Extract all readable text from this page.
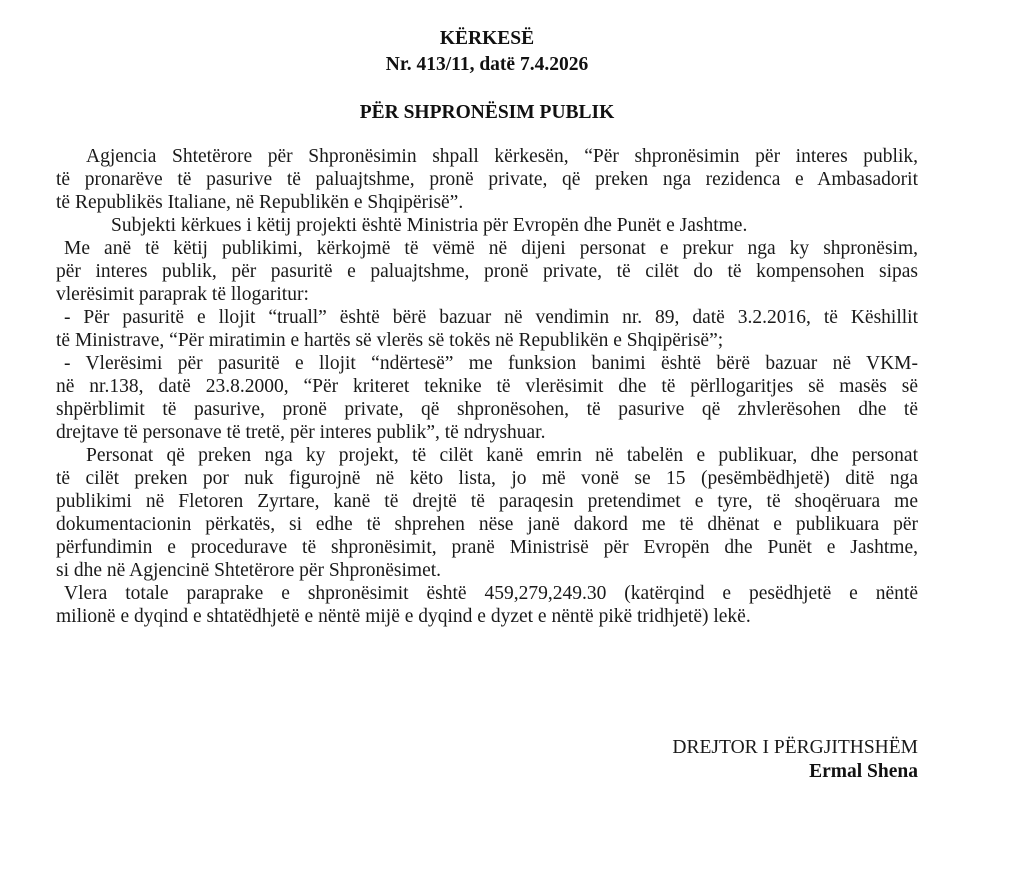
KËRKESË

Nr. 413/11, datë 7.4.2026

PËR SHPRONËSIM PUBLIK

Agjencia Shtetërore për Shpronësimin shpall kërkesën, “Për shpronësimin për interes publik,
të pronarëve të pasurive të paluajtshme, pronë private, që preken nga rezidenca e Ambasadorit
të Republikës Italiane, në Republikën e Shqipërisë”.
Subjekti kërkues i këtij projekti është Ministria për Evropën dhe Punët e Jashtme.
Me anë të këtij publikimi, kërkojmë të vëmë në dijeni personat e prekur nga ky shpronësim,
për interes publik, për pasuritë e paluajtshme, pronë private, të cilët do të kompensohen sipas
vlerësimit paraprak të llogaritur:
- Për pasuritë e llojit “truall” është bërë bazuar në vendimin nr. 89, datë 3.2.2016, të Këshillit
të Ministrave, “Për miratimin e hartës së vlerës së tokës në Republikën e Shqipërisë”;
- Vlerësimi për pasuritë e llojit “ndërtesë” me funksion banimi është bërë bazuar në VKM-
në nr.138, datë 23.8.2000, “Për kriteret teknike të vlerësimit dhe të përllogaritjes së masës së
shpërblimit të pasurive, pronë private, që shpronësohen, të pasurive që zhvlerësohen dhe të
drejtave të personave të tretë, për interes publik”, të ndryshuar.
Personat që preken nga ky projekt, të cilët kanë emrin në tabelën e publikuar, dhe personat
të cilët preken por nuk figurojnë në këto lista, jo më vonë se 15 (pesëmbëdhjetë) ditë nga
publikimi në Fletoren Zyrtare, kanë të drejtë të paraqesin pretendimet e tyre, të shoqëruara me
dokumentacionin përkatës, si edhe të shprehen nëse janë dakord me të dhënat e publikuara për
përfundimin e procedurave të shpronësimit, pranë Ministrisë për Evropën dhe Punët e Jashtme,
si dhe në Agjencinë Shtetërore për Shpronësimet.
Vlera totale paraprake e shpronësimit është 459,279,249.30 (katërqind e pesëdhjetë e nëntë
milionë e dyqind e shtatëdhjetë e nëntë mijë e dyqind e dyzet e nëntë pikë tridhjetë) lekë.
DREJTOR I PËRGJITHSHËM
Ermal Shena
